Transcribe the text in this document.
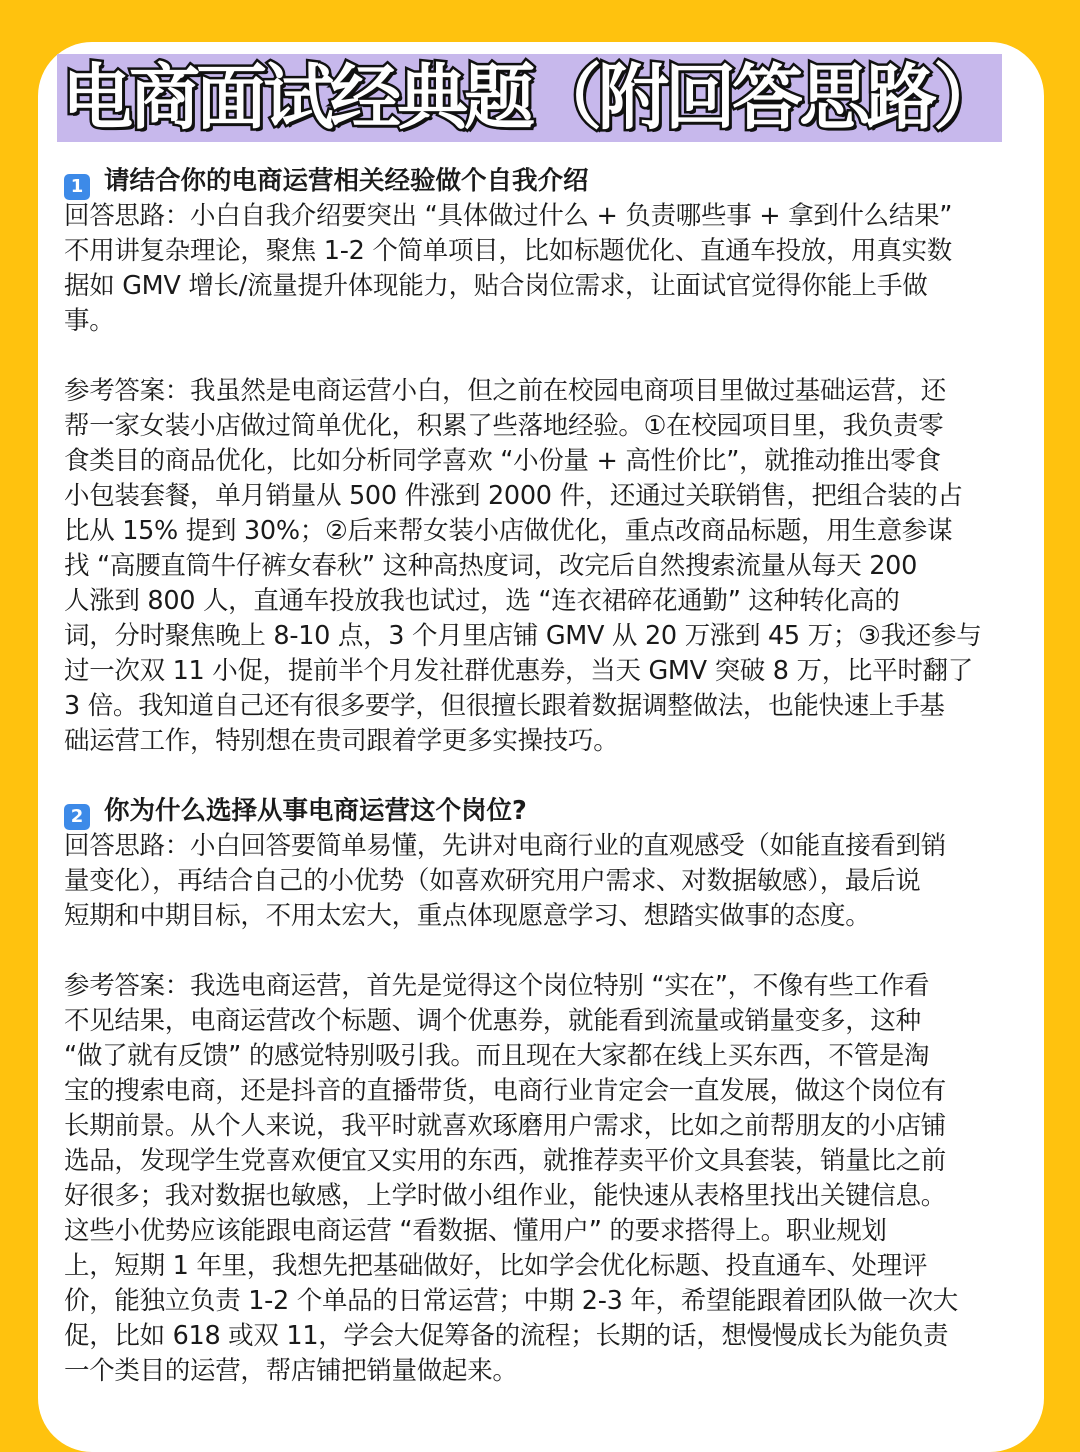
电商面试经典题（附回答思路）
1 请结合你的电商运营相关经验做个自我介绍
回答思路：小白自我介绍要突出 “具体做过什么 + 负责哪些事 + 拿到什么结果”
不用讲复杂理论，聚焦 1-2 个简单项目，比如标题优化、直通车投放，用真实数
据如 GMV 增长/流量提升体现能力，贴合岗位需求，让面试官觉得你能上手做
事。
参考答案：我虽然是电商运营小白，但之前在校园电商项目里做过基础运营，还
帮一家女装小店做过简单优化，积累了些落地经验。①在校园项目里，我负责零
食类目的商品优化，比如分析同学喜欢 “小份量 + 高性价比”，就推动推出零食
小包装套餐，单月销量从 500 件涨到 2000 件，还通过关联销售，把组合装的占
比从 15% 提到 30%；②后来帮女装小店做优化，重点改商品标题，用生意参谋
找 “高腰直筒牛仔裤女春秋” 这种高热度词，改完后自然搜索流量从每天 200
人涨到 800 人，直通车投放我也试过，选 “连衣裙碎花通勤” 这种转化高的
词，分时聚焦晚上 8-10 点，3 个月里店铺 GMV 从 20 万涨到 45 万；③我还参与
过一次双 11 小促，提前半个月发社群优惠券，当天 GMV 突破 8 万，比平时翻了
3 倍。我知道自己还有很多要学，但很擅长跟着数据调整做法，也能快速上手基
础运营工作，特别想在贵司跟着学更多实操技巧。
2 你为什么选择从事电商运营这个岗位?
回答思路：小白回答要简单易懂，先讲对电商行业的直观感受（如能直接看到销
量变化），再结合自己的小优势（如喜欢研究用户需求、对数据敏感），最后说
短期和中期目标，不用太宏大，重点体现愿意学习、想踏实做事的态度。
参考答案：我选电商运营，首先是觉得这个岗位特别 “实在”，不像有些工作看
不见结果，电商运营改个标题、调个优惠券，就能看到流量或销量变多，这种
“做了就有反馈” 的感觉特别吸引我。而且现在大家都在线上买东西，不管是淘
宝的搜索电商，还是抖音的直播带货，电商行业肯定会一直发展，做这个岗位有
长期前景。从个人来说，我平时就喜欢琢磨用户需求，比如之前帮朋友的小店铺
选品，发现学生党喜欢便宜又实用的东西，就推荐卖平价文具套装，销量比之前
好很多；我对数据也敏感，上学时做小组作业，能快速从表格里找出关键信息。
这些小优势应该能跟电商运营 “看数据、懂用户” 的要求搭得上。职业规划
上，短期 1 年里，我想先把基础做好，比如学会优化标题、投直通车、处理评
价，能独立负责 1-2 个单品的日常运营；中期 2-3 年，希望能跟着团队做一次大
促，比如 618 或双 11，学会大促筹备的流程；长期的话，想慢慢成长为能负责
一个类目的运营，帮店铺把销量做起来。
